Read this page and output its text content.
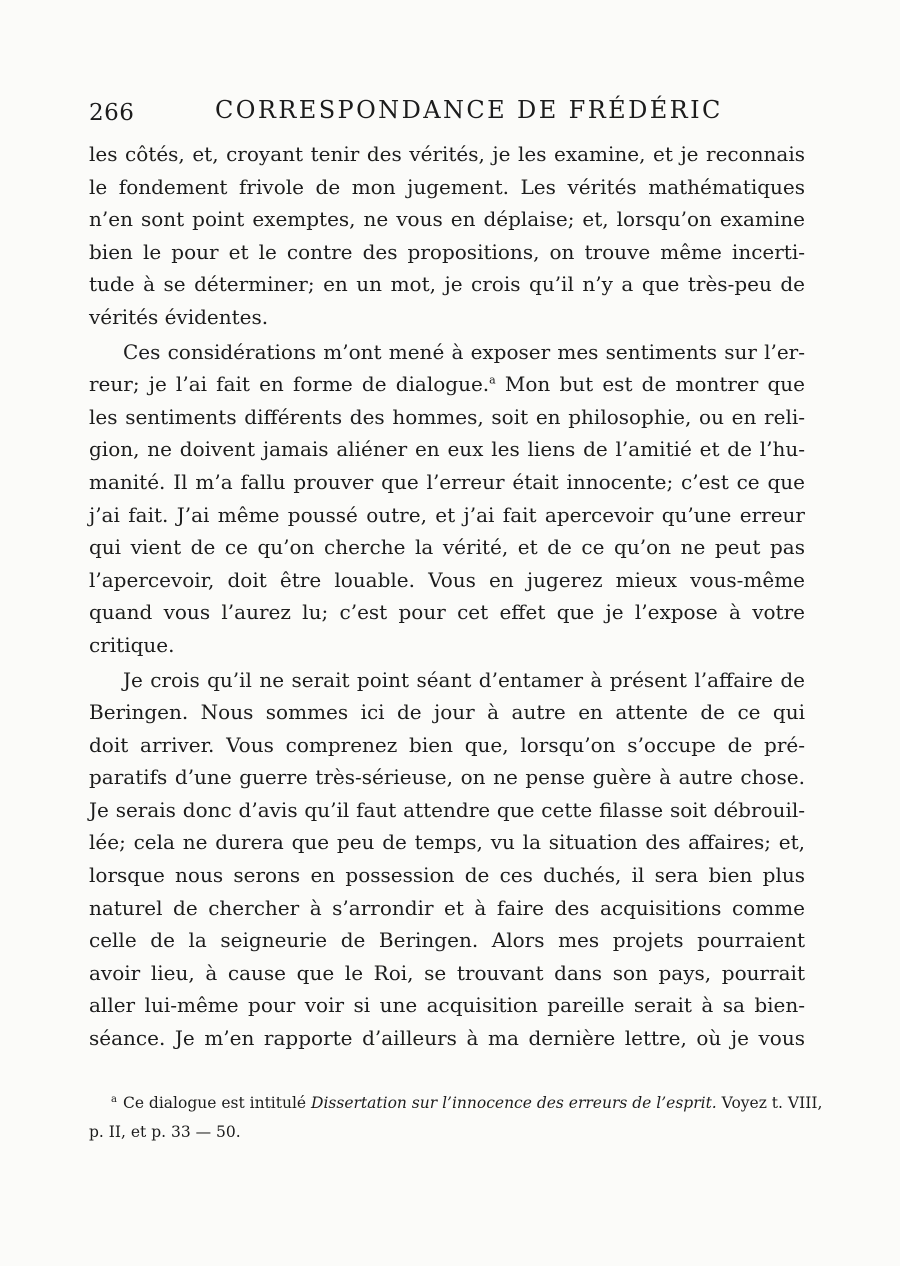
266	CORRESPONDANCE DE FRÉDÉRIC
les côtés, et, croyant tenir des vérités, je les examine, et je reconnais
le fondement frivole de mon jugement. Les vérités mathématiques
n’en sont point exemptes, ne vous en déplaise; et, lorsqu’on examine
bien le pour et le contre des propositions, on trouve même incerti-
tude à se déterminer; en un mot, je crois qu’il n’y a que très-peu de
vérités évidentes.
Ces considérations m’ont mené à exposer mes sentiments sur l’er-
reur; je l’ai fait en forme de dialogue.$^a$ Mon but est de montrer que
les sentiments différents des hommes, soit en philosophie, ou en reli-
gion, ne doivent jamais aliéner en eux les liens de l’amitié et de l’hu-
manité. Il m’a fallu prouver que l’erreur était innocente; c’est ce que
j’ai fait. J’ai même poussé outre, et j’ai fait apercevoir qu’une erreur
qui vient de ce qu’on cherche la vérité, et de ce qu’on ne peut pas
l’apercevoir, doit être louable. Vous en jugerez mieux vous-même
quand vous l’aurez lu; c’est pour cet effet que je l’expose à votre
critique.
Je crois qu’il ne serait point séant d’entamer à présent l’affaire de
Beringen. Nous sommes ici de jour à autre en attente de ce qui
doit arriver. Vous comprenez bien que, lorsqu’on s’occupe de pré-
paratifs d’une guerre très-sérieuse, on ne pense guère à autre chose.
Je serais donc d’avis qu’il faut attendre que cette filasse soit débrouil-
lée; cela ne durera que peu de temps, vu la situation des affaires; et,
lorsque nous serons en possession de ces duchés, il sera bien plus
naturel de chercher à s’arrondir et à faire des acquisitions comme
celle de la seigneurie de Beringen. Alors mes projets pourraient
avoir lieu, à cause que le Roi, se trouvant dans son pays, pourrait
aller lui-même pour voir si une acquisition pareille serait à sa bien-
séance. Je m’en rapporte d’ailleurs à ma dernière lettre, où je vous
$^a$ Ce dialogue est intitulé Dissertation sur l’innocence des erreurs de l’esprit. Voyez t. VIII,
p. II, et p. 33 — 50.
